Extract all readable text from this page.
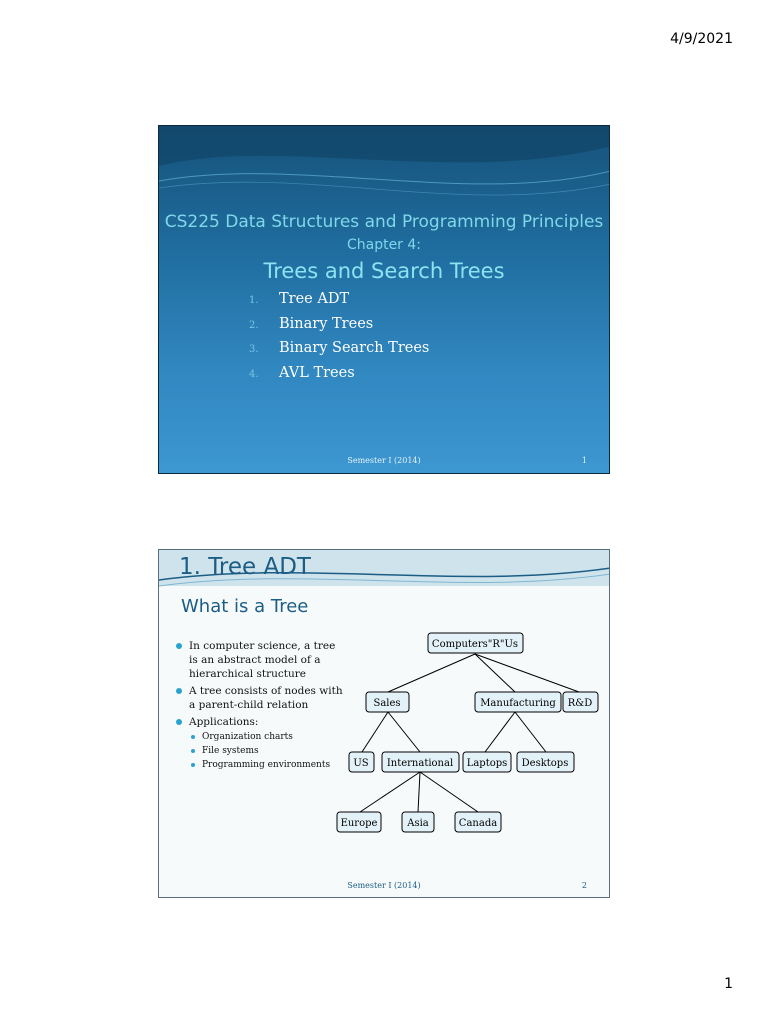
4/9/2021
CS225 Data Structures and Programming Principles
Chapter 4:
Trees and Search Trees
1.	Tree ADT
2.	Binary Trees
3.	Binary Search Trees
4.	AVL Trees
Semester I (2014)	1
1. Tree ADT
What is a Tree
In computer science, a tree is an abstract model of a hierarchical structure
A tree consists of nodes with a parent-child relation
Applications:
Organization charts
File systems
Programming environments
Computers"R"Us
Sales	Manufacturing R&D
US International Laptops Desktops
Europe	Asia	Canada
Semester I (2014)	2
1
